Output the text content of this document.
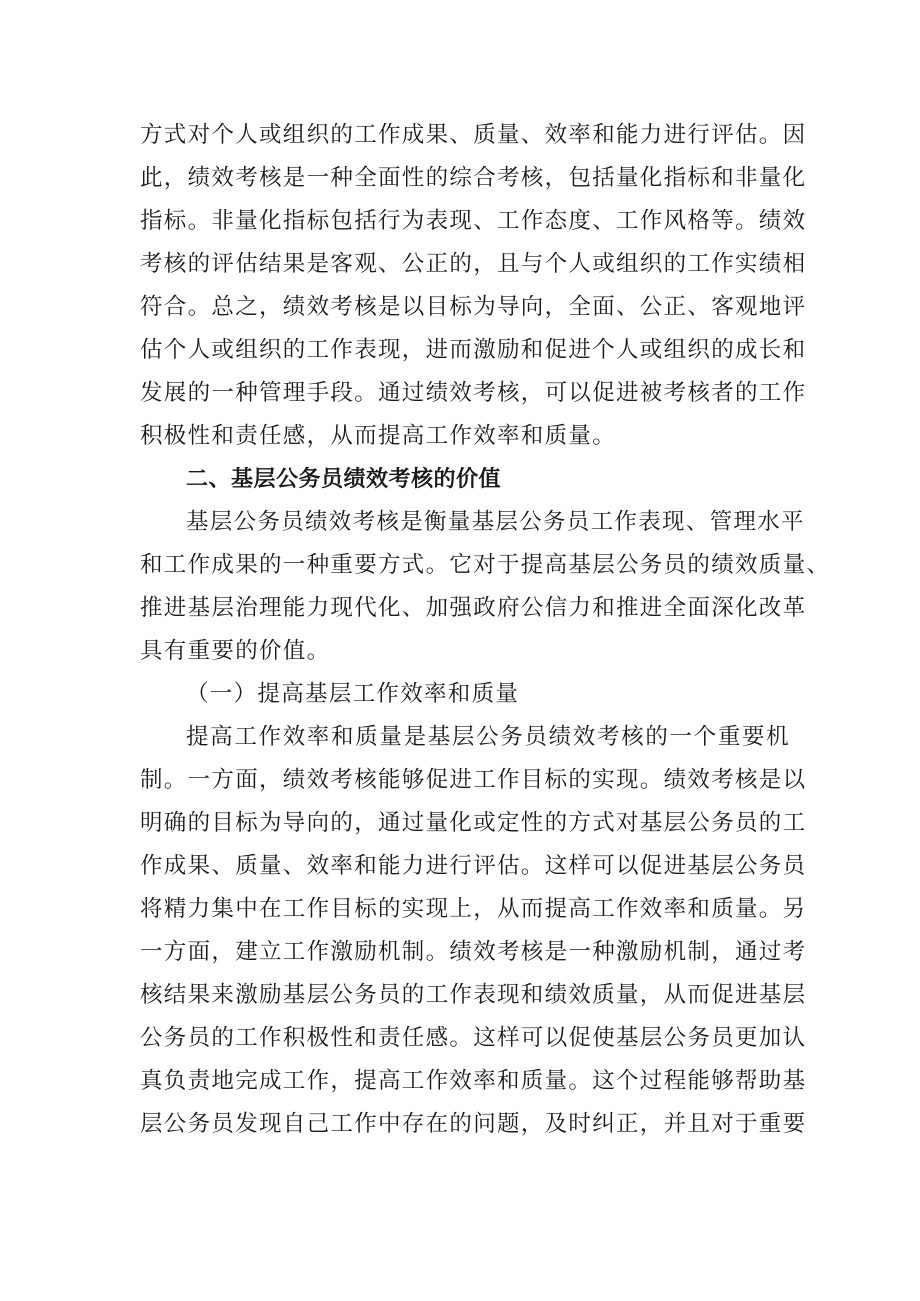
方式对个人或组织的工作成果、质量、效率和能力进行评估。因
此，绩效考核是一种全面性的综合考核，包括量化指标和非量化
指标。非量化指标包括行为表现、工作态度、工作风格等。绩效
考核的评估结果是客观、公正的，且与个人或组织的工作实绩相
符合。总之，绩效考核是以目标为导向，全面、公正、客观地评
估个人或组织的工作表现，进而激励和促进个人或组织的成长和
发展的一种管理手段。通过绩效考核，可以促进被考核者的工作
积极性和责任感，从而提高工作效率和质量。
二、基层公务员绩效考核的价值
基层公务员绩效考核是衡量基层公务员工作表现、管理水平
和工作成果的一种重要方式。它对于提高基层公务员的绩效质量、
推进基层治理能力现代化、加强政府公信力和推进全面深化改革
具有重要的价值。
（一）提高基层工作效率和质量
提高工作效率和质量是基层公务员绩效考核的一个重要机
制。一方面，绩效考核能够促进工作目标的实现。绩效考核是以
明确的目标为导向的，通过量化或定性的方式对基层公务员的工
作成果、质量、效率和能力进行评估。这样可以促进基层公务员
将精力集中在工作目标的实现上，从而提高工作效率和质量。另
一方面，建立工作激励机制。绩效考核是一种激励机制，通过考
核结果来激励基层公务员的工作表现和绩效质量，从而促进基层
公务员的工作积极性和责任感。这样可以促使基层公务员更加认
真负责地完成工作，提高工作效率和质量。这个过程能够帮助基
层公务员发现自己工作中存在的问题，及时纠正，并且对于重要
